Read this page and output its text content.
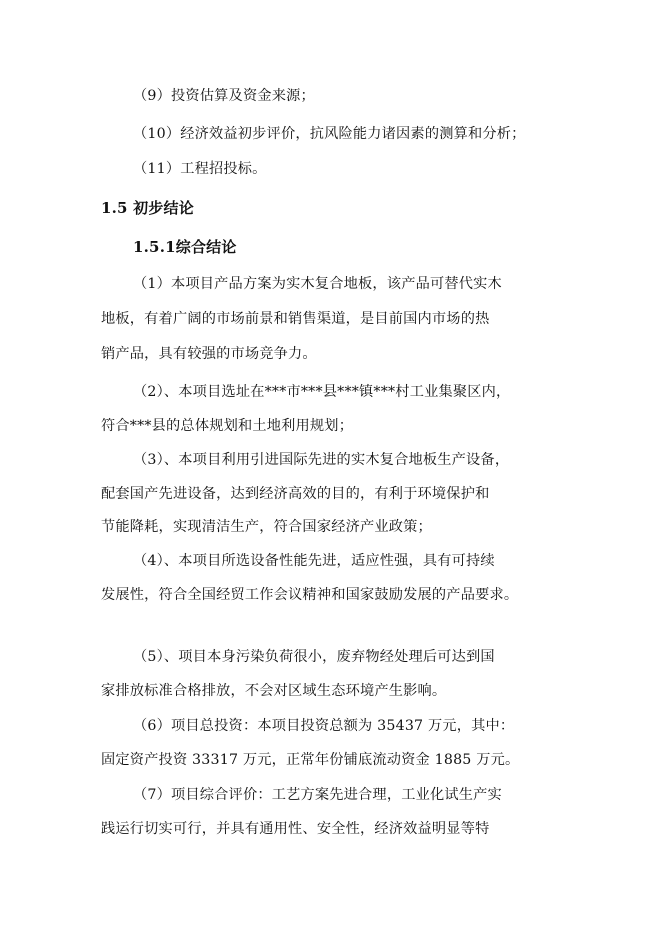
（9）投资估算及资金来源；
（10）经济效益初步评价，抗风险能力诸因素的测算和分析；
（11）工程招投标。
1.5 初步结论
1.5.1综合结论
（1）本项目产品方案为实木复合地板，该产品可替代实木
地板，有着广阔的市场前景和销售渠道，是目前国内市场的热
销产品，具有较强的市场竞争力。
（2）、本项目选址在***市***县***镇***村工业集聚区内，
符合***县的总体规划和土地利用规划；
（3）、本项目利用引进国际先进的实木复合地板生产设备，
配套国产先进设备，达到经济高效的目的，有利于环境保护和
节能降耗，实现清洁生产，符合国家经济产业政策；
（4）、本项目所选设备性能先进，适应性强，具有可持续
发展性，符合全国经贸工作会议精神和国家鼓励发展的产品要求。
（5）、项目本身污染负荷很小，废弃物经处理后可达到国
家排放标准合格排放，不会对区域生态环境产生影响。
（6）项目总投资：本项目投资总额为 35437 万元，其中：
固定资产投资 33317 万元，正常年份铺底流动资金 1885 万元。
（7）项目综合评价：工艺方案先进合理，工业化试生产实
践运行切实可行，并具有通用性、安全性，经济效益明显等特
